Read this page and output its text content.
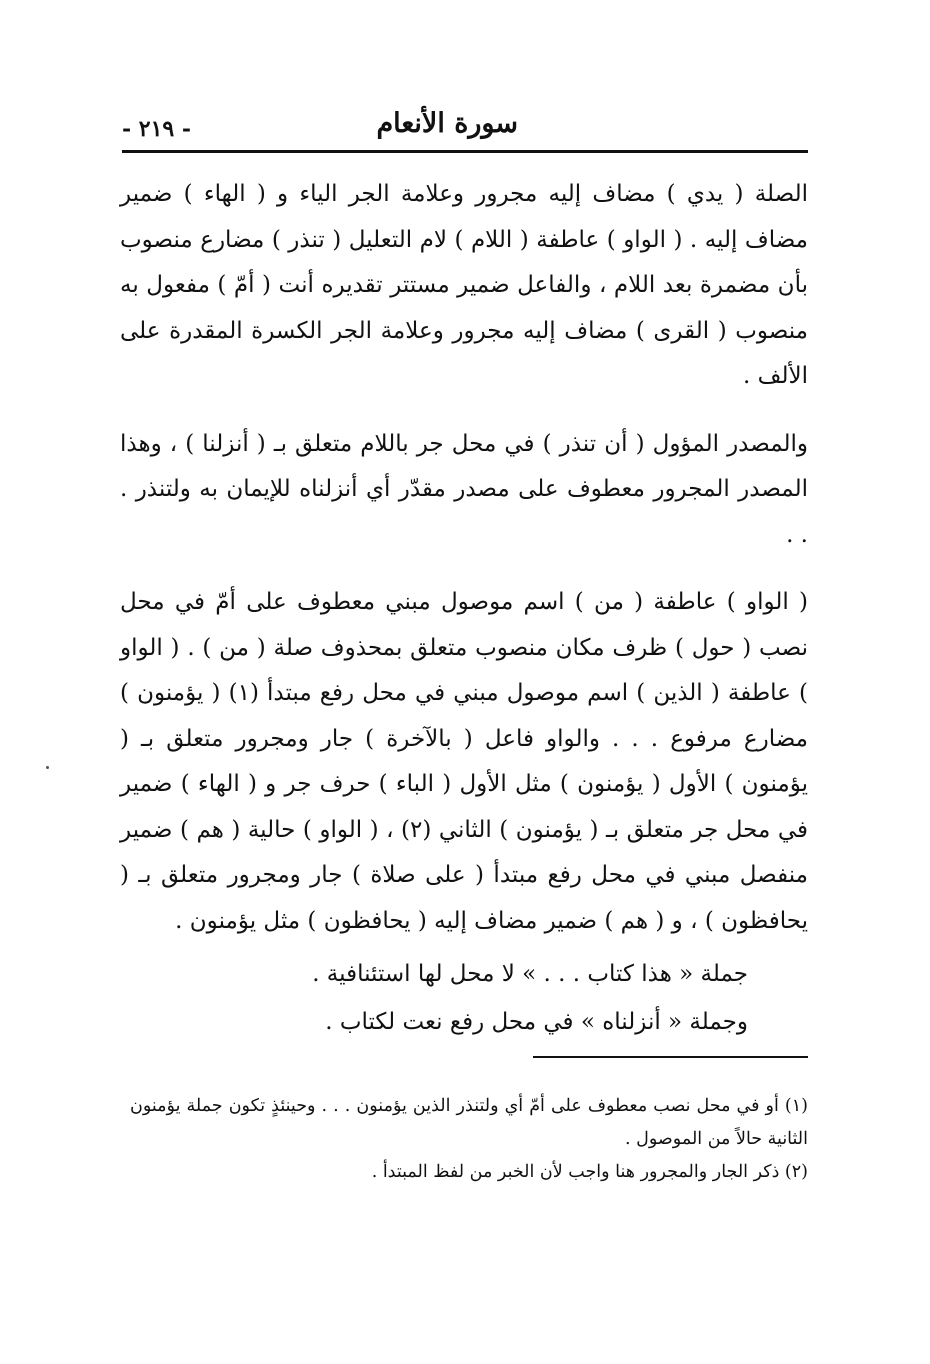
سورة الأنعام
- ٢١٩ -

الصلة ( يدي ) مضاف إليه مجرور وعلامة الجر الياء و ( الهاء ) ضمير مضاف إليه . ( الواو ) عاطفة ( اللام ) لام التعليل ( تنذر ) مضارع منصوب بأن مضمرة بعد اللام ، والفاعل ضمير مستتر تقديره أنت ( أمّ ) مفعول به منصوب ( القرى ) مضاف إليه مجرور وعلامة الجر الكسرة المقدرة على الألف .

والمصدر المؤول ( أن تنذر ) في محل جر باللام متعلق بـ ( أنزلنا ) ، وهذا المصدر المجرور معطوف على مصدر مقدّر أي أنزلناه للإيمان به ولتنذر . . .

( الواو ) عاطفة ( من ) اسم موصول مبني معطوف على أمّ في محل نصب ( حول ) ظرف مكان منصوب متعلق بمحذوف صلة ( من ) . ( الواو ) عاطفة ( الذين ) اسم موصول مبني في محل رفع مبتدأ (١) ( يؤمنون ) مضارع مرفوع . . . والواو فاعل ( بالآخرة ) جار ومجرور متعلق بـ ( يؤمنون ) الأول ( يؤمنون ) مثل الأول ( الباء ) حرف جر و ( الهاء ) ضمير في محل جر متعلق بـ ( يؤمنون ) الثاني (٢) ، ( الواو ) حالية ( هم ) ضمير منفصل مبني في محل رفع مبتدأ ( على صلاة ) جار ومجرور متعلق بـ ( يحافظون ) ، و ( هم ) ضمير مضاف إليه ( يحافظون ) مثل يؤمنون .

جملة « هذا كتاب . . . » لا محل لها استئنافية .

وجملة « أنزلناه » في محل رفع نعت لكتاب .

(١) أو في محل نصب معطوف على أمّ أي ولتنذر الذين يؤمنون . . . وحينئذٍ تكون جملة يؤمنون الثانية حالاً من الموصول .

(٢) ذكر الجار والمجرور هنا واجب لأن الخبر من لفظ المبتدأ .
